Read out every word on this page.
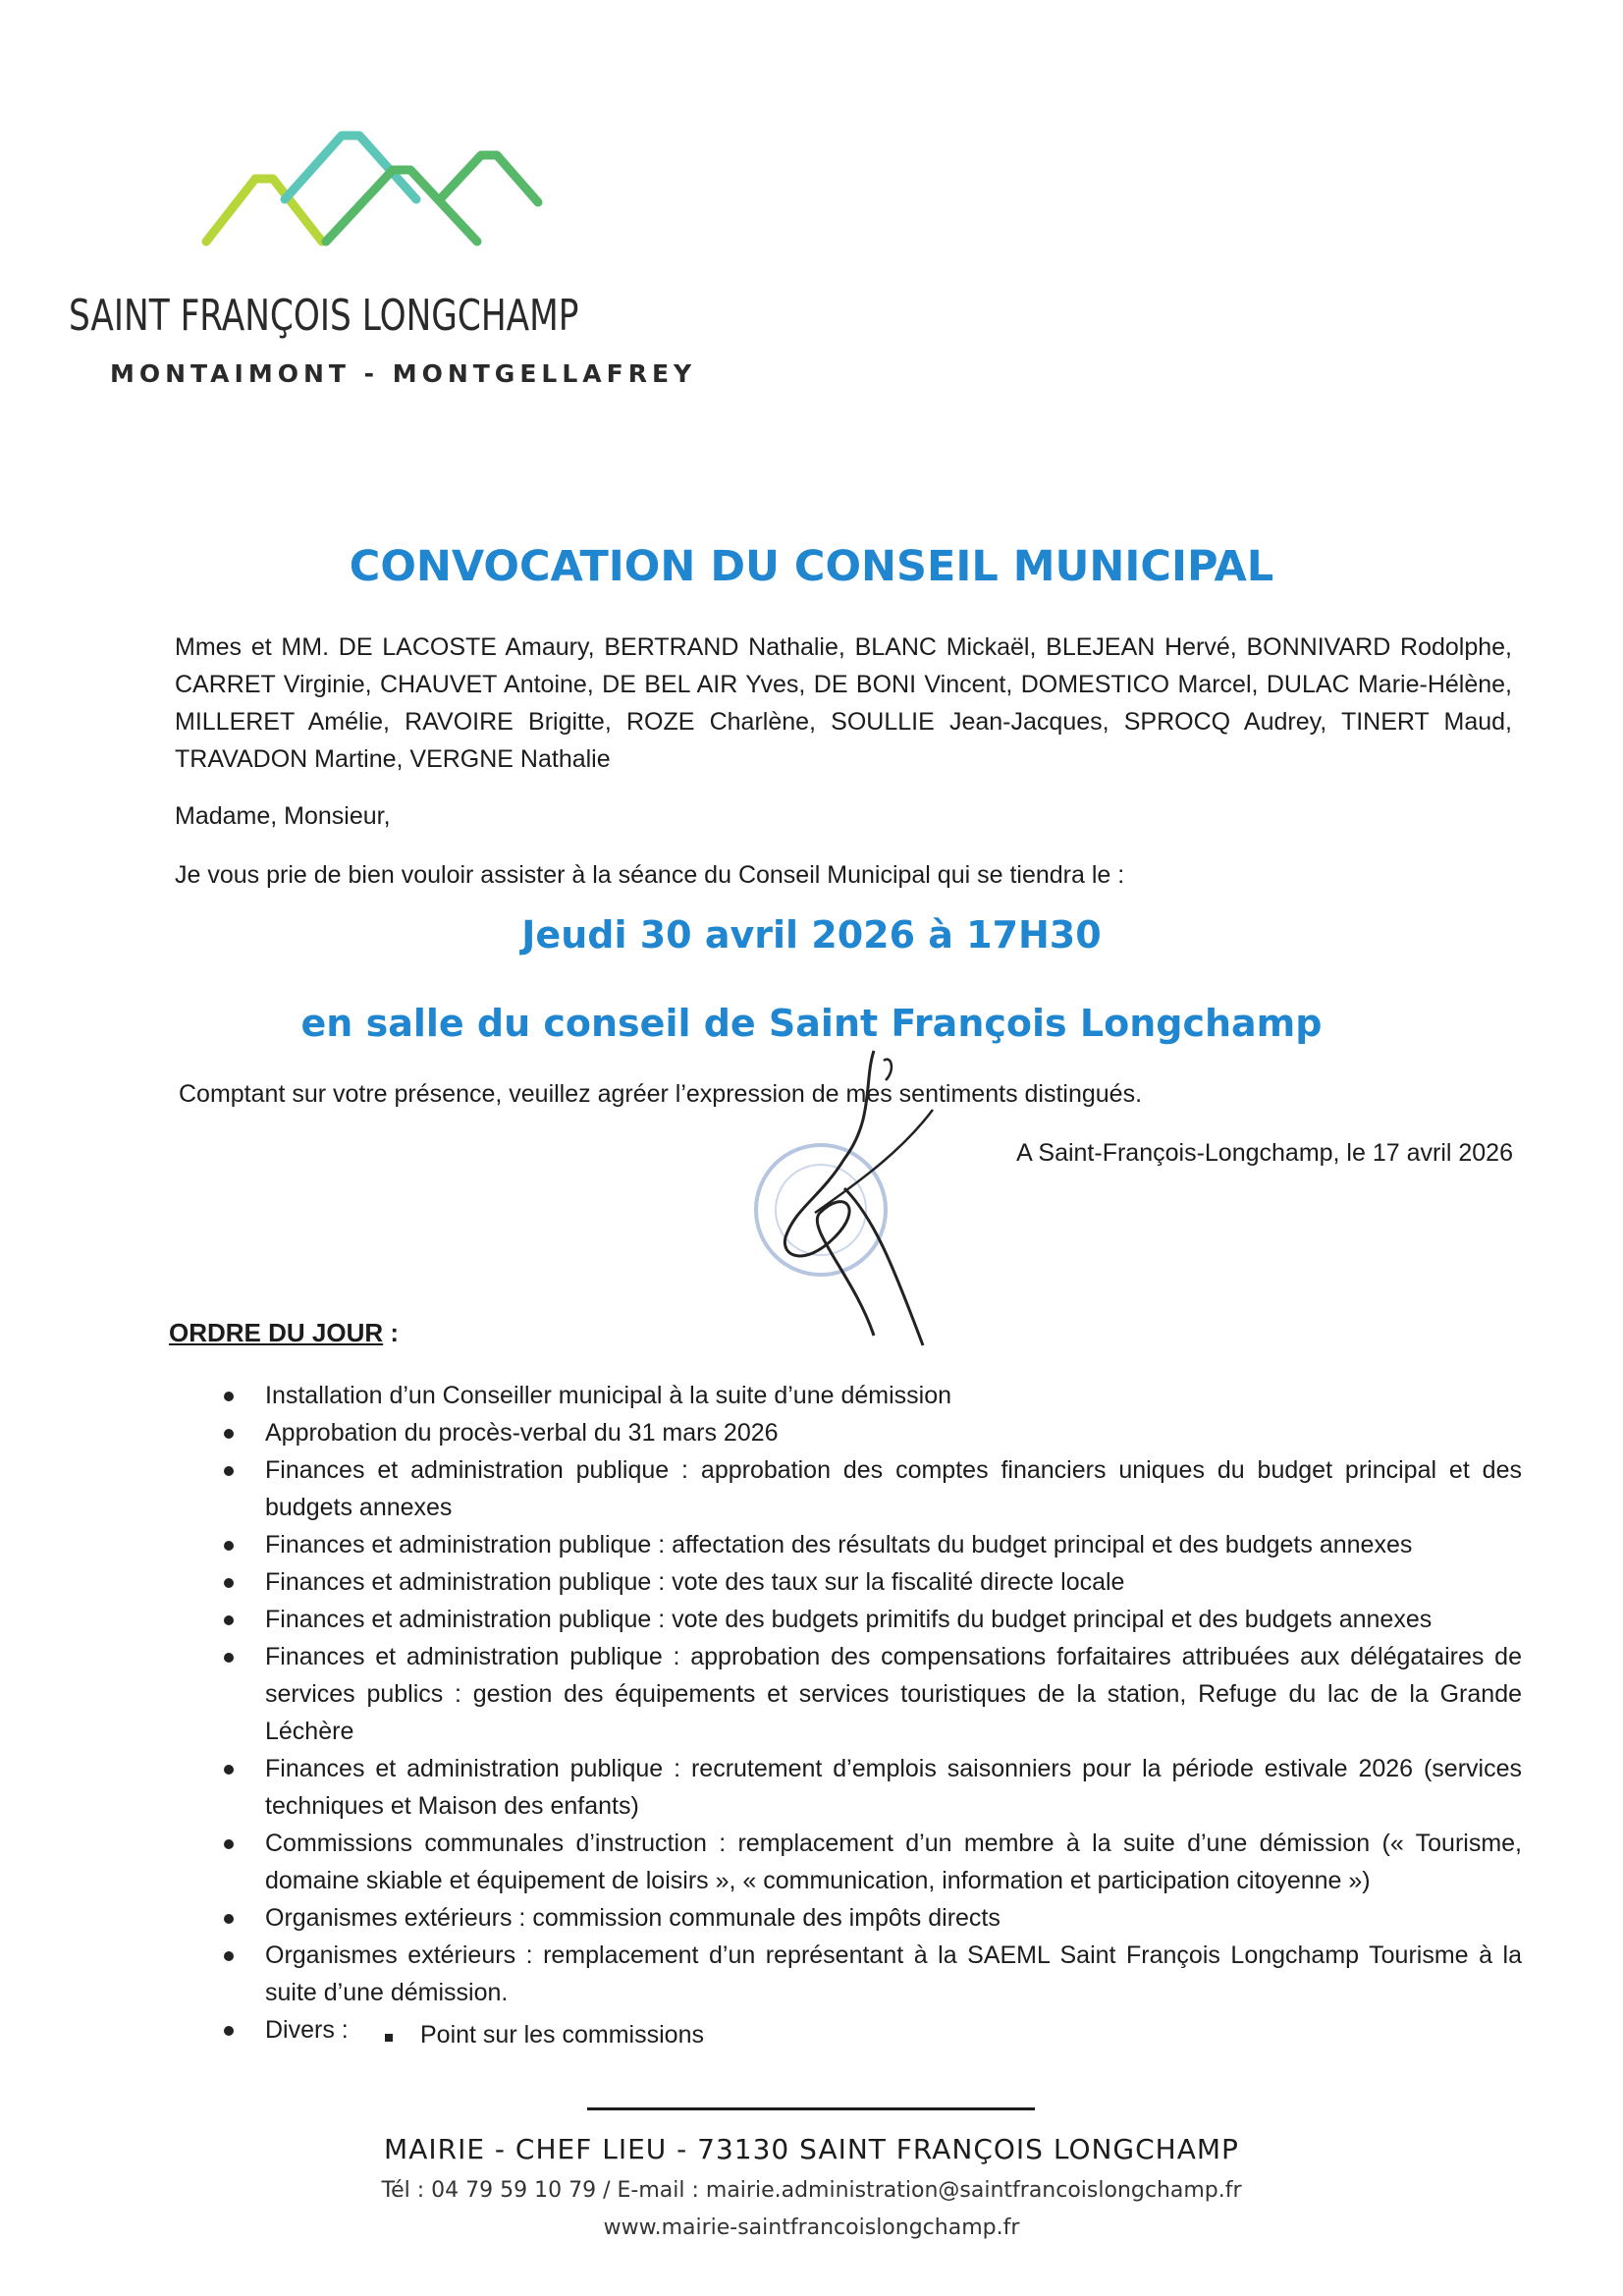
SAINT FRANÇOIS LONGCHAMP
MONTAIMONT - MONTGELLAFREY
CONVOCATION DU CONSEIL MUNICIPAL
Mmes et MM. DE LACOSTE Amaury, BERTRAND Nathalie, BLANC Mickaël, BLEJEAN Hervé, BONNIVARD Rodolphe, CARRET Virginie, CHAUVET Antoine, DE BEL AIR Yves, DE BONI Vincent, DOMESTICO Marcel, DULAC Marie-Hélène, MILLERET Amélie, RAVOIRE Brigitte, ROZE Charlène, SOULLIE Jean-Jacques, SPROCQ Audrey, TINERT Maud, TRAVADON Martine, VERGNE Nathalie
Madame, Monsieur,
Je vous prie de bien vouloir assister à la séance du Conseil Municipal qui se tiendra le :
Jeudi 30 avril 2026 à 17H30
en salle du conseil de Saint François Longchamp
Comptant sur votre présence, veuillez agréer l’expression de mes sentiments distingués.
A Saint-François-Longchamp, le 17 avril 2026
ORDRE DU JOUR :
Installation d’un Conseiller municipal à la suite d’une démission
Approbation du procès-verbal du 31 mars 2026
Finances et administration publique : approbation des comptes financiers uniques du budget principal et des budgets annexes
Finances et administration publique : affectation des résultats du budget principal et des budgets annexes
Finances et administration publique : vote des taux sur la fiscalité directe locale
Finances et administration publique : vote des budgets primitifs du budget principal et des budgets annexes
Finances et administration publique : approbation des compensations forfaitaires attribuées aux délégataires de services publics : gestion des équipements et services touristiques de la station, Refuge du lac de la Grande Léchère
Finances et administration publique : recrutement d’emplois saisonniers pour la période estivale 2026 (services techniques et Maison des enfants)
Commissions communales d’instruction : remplacement d’un membre à la suite d’une démission (« Tourisme, domaine skiable et équipement de loisirs », « communication, information et participation citoyenne »)
Organismes extérieurs : commission communale des impôts directs
Organismes extérieurs : remplacement d’un représentant à la SAEML Saint François Longchamp Tourisme à la suite d’une démission.
Divers :	Point sur les commissions
MAIRIE - CHEF LIEU - 73130 SAINT FRANÇOIS LONGCHAMP
Tél : 04 79 59 10 79 / E-mail : mairie.administration@saintfrancoislongchamp.fr
www.mairie-saintfrancoislongchamp.fr
